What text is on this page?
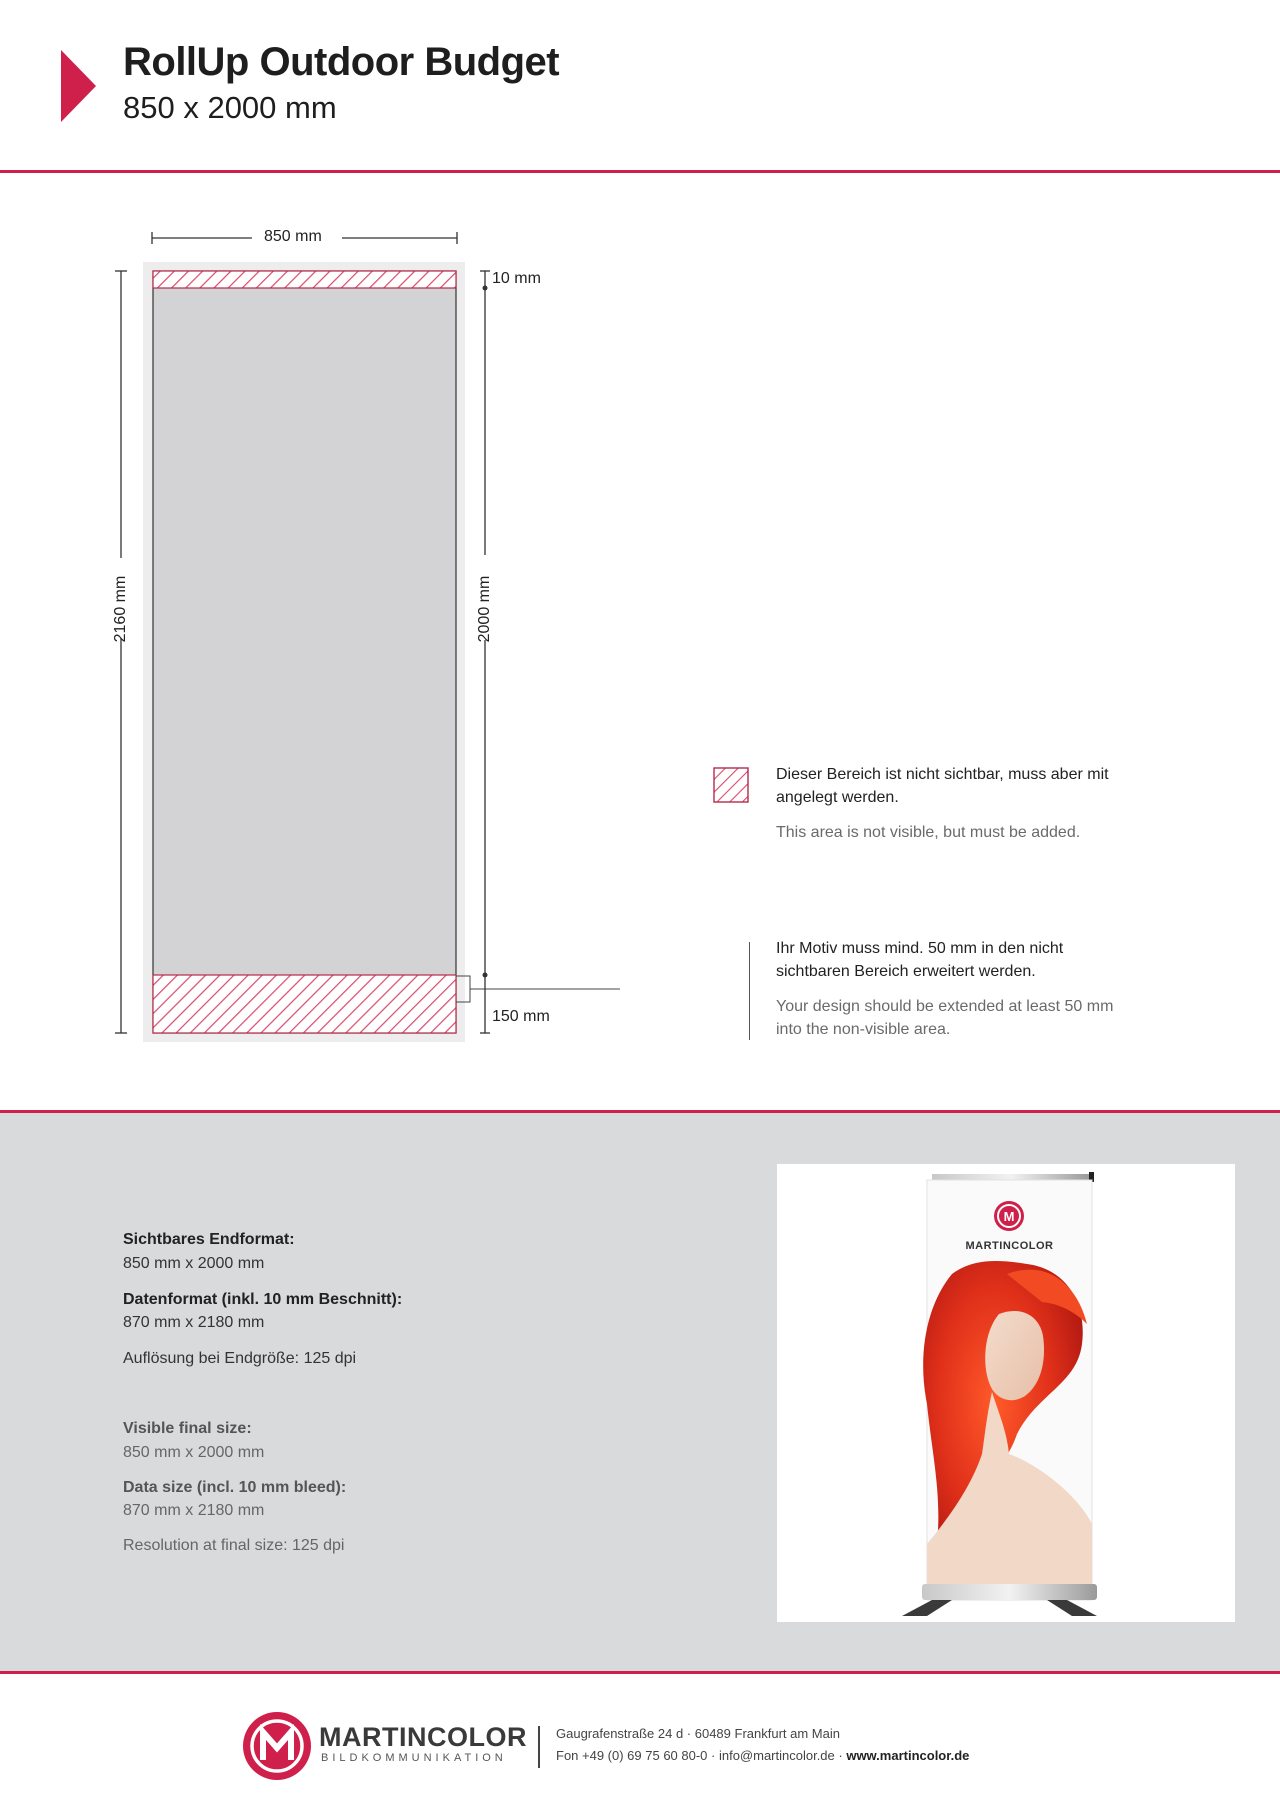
RollUp Outdoor Budget
850 x 2000 mm
850 mm
10 mm
150 mm
2160 mm	2000 mm
Dieser Bereich ist nicht sichtbar, muss aber mit angelegt werden.
This area is not visible, but must be added.
Ihr Motiv muss mind. 50 mm in den nicht sichtbaren Bereich erweitert werden.
Your design should be extended at least 50 mm into the non-visible area.
Sichtbares Endformat:
850 mm x 2000 mm
Datenformat (inkl. 10 mm Beschnitt):
870 mm x 2180 mm
Auflösung bei Endgröße: 125 dpi
Visible final size:
850 mm x 2000 mm
Data size (incl. 10 mm bleed):
870 mm x 2180 mm
Resolution at final size: 125 dpi
M
MARTINCOLOR
MARTINCOLOR
BILDKOMMUNIKATION
Gaugrafenstraße 24 d · 60489 Frankfurt am Main
Fon +49 (0) 69 75 60 80-0 · info@martincolor.de · www.martincolor.de
